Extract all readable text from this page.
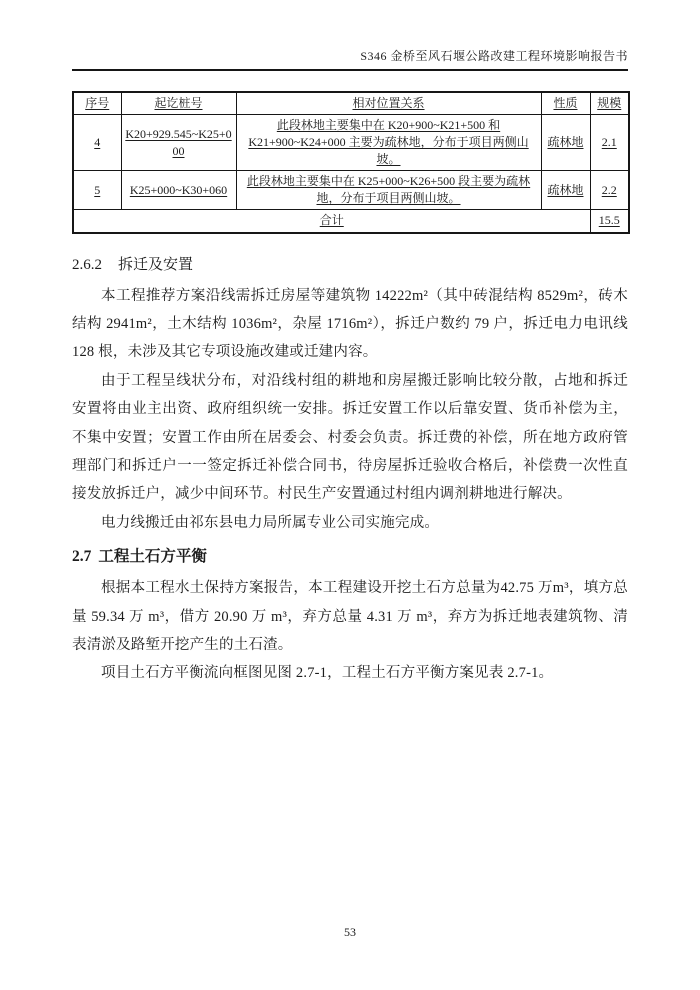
S346 金桥至风石堰公路改建工程环境影响报告书
序号	起讫桩号	相对位置关系	性质	规模
4	K20+929.545~K25+000	此段林地主要集中在 K20+900~K21+500 和 K21+900~K24+000 主要为疏林地，分布于项目两侧山坡。	疏林地	2.1
5	K25+000~K30+060	此段林地主要集中在 K25+000~K26+500 段主要为疏林地，分布于项目两侧山坡。	疏林地	2.2
合计				15.5
2.6.2 拆迁及安置

本工程推荐方案沿线需拆迁房屋等建筑物 14222m²（其中砖混结构 8529m²，砖木结构 2941m²，土木结构 1036m²，杂屋 1716m²），拆迁户数约 79 户，拆迁电力电讯线 128 根，未涉及其它专项设施改建或迁建内容。

由于工程呈线状分布，对沿线村组的耕地和房屋搬迁影响比较分散，占地和拆迁安置将由业主出资、政府组织统一安排。拆迁安置工作以后靠安置、货币补偿为主，不集中安置；安置工作由所在居委会、村委会负责。拆迁费的补偿，所在地方政府管理部门和拆迁户一一签定拆迁补偿合同书，待房屋拆迁验收合格后，补偿费一次性直接发放拆迁户，减少中间环节。村民生产安置通过村组内调剂耕地进行解决。

电力线搬迁由祁东县电力局所属专业公司实施完成。

2.7 工程土石方平衡

根据本工程水土保持方案报告，本工程建设开挖土石方总量为42.75 万m³，填方总量 59.34 万 m³，借方 20.90 万 m³，弃方总量 4.31 万 m³，弃方为拆迁地表建筑物、清表清淤及路堑开挖产生的土石渣。

项目土石方平衡流向框图见图 2.7-1，工程土石方平衡方案见表 2.7-1。

53
